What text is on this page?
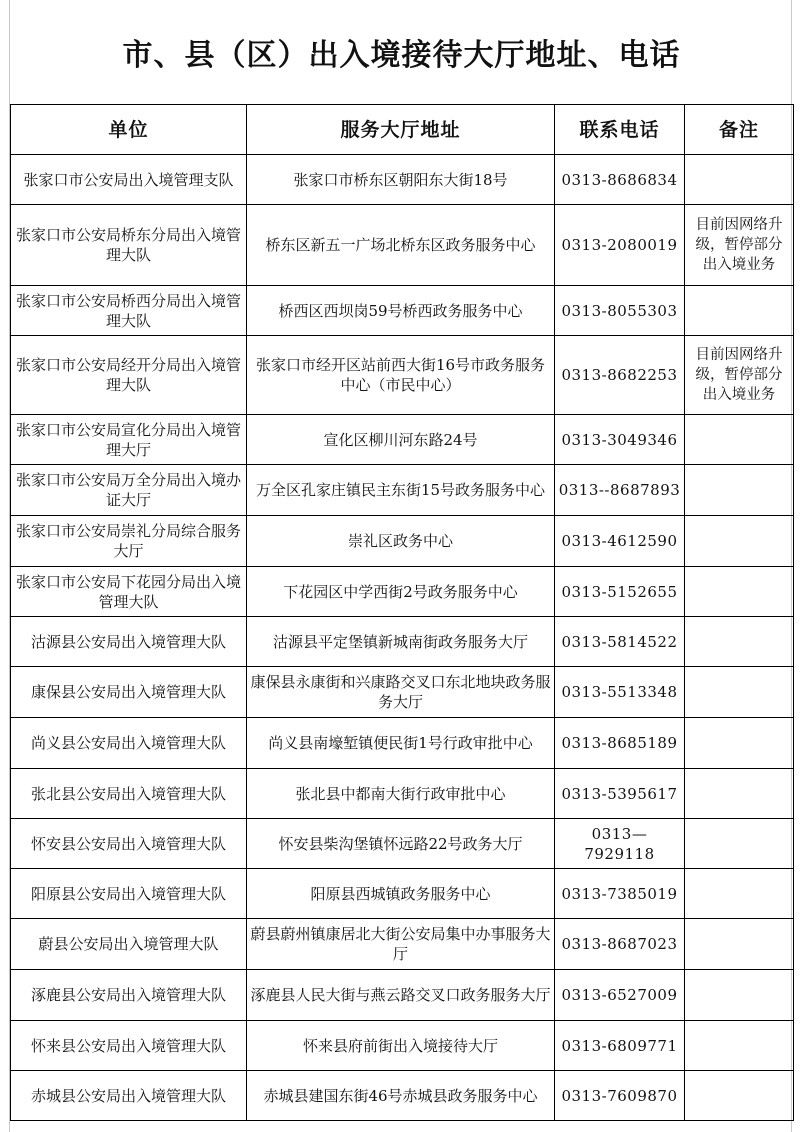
市、县（区）出入境接待大厅地址、电话
单位	服务大厅地址	联系电话	备注
张家口市公安局出入境管理支队	张家口市桥东区朝阳东大街18号	0313-8686834	
张家口市公安局桥东分局出入境管理大队	桥东区新五一广场北桥东区政务服务中心	0313-2080019	目前因网络升级，暂停部分出入境业务
张家口市公安局桥西分局出入境管理大队	桥西区西坝岗59号桥西政务服务中心	0313-8055303	
张家口市公安局经开分局出入境管理大队	张家口市经开区站前西大街16号市政务服务中心（市民中心）	0313-8682253	目前因网络升级，暂停部分出入境业务
张家口市公安局宣化分局出入境管理大厅	宣化区柳川河东路24号	0313-3049346	
张家口市公安局万全分局出入境办证大厅	万全区孔家庄镇民主东街15号政务服务中心	0313--8687893	
张家口市公安局崇礼分局综合服务大厅	崇礼区政务中心	0313-4612590	
张家口市公安局下花园分局出入境管理大队	下花园区中学西街2号政务服务中心	0313-5152655	
沽源县公安局出入境管理大队	沽源县平定堡镇新城南街政务服务大厅	0313-5814522	
康保县公安局出入境管理大队	康保县永康街和兴康路交叉口东北地块政务服务大厅	0313-5513348	
尚义县公安局出入境管理大队	尚义县南壕堑镇便民街1号行政审批中心	0313-8685189	
张北县公安局出入境管理大队	张北县中都南大街行政审批中心	0313-5395617	
怀安县公安局出入境管理大队	怀安县柴沟堡镇怀远路22号政务大厅	0313—7929118	
阳原县公安局出入境管理大队	阳原县西城镇政务服务中心	0313-7385019	
蔚县公安局出入境管理大队	蔚县蔚州镇康居北大街公安局集中办事服务大厅	0313-8687023	
涿鹿县公安局出入境管理大队	涿鹿县人民大街与燕云路交叉口政务服务大厅	0313-6527009	
怀来县公安局出入境管理大队	怀来县府前街出入境接待大厅	0313-6809771	
赤城县公安局出入境管理大队	赤城县建国东街46号赤城县政务服务中心	0313-7609870	
